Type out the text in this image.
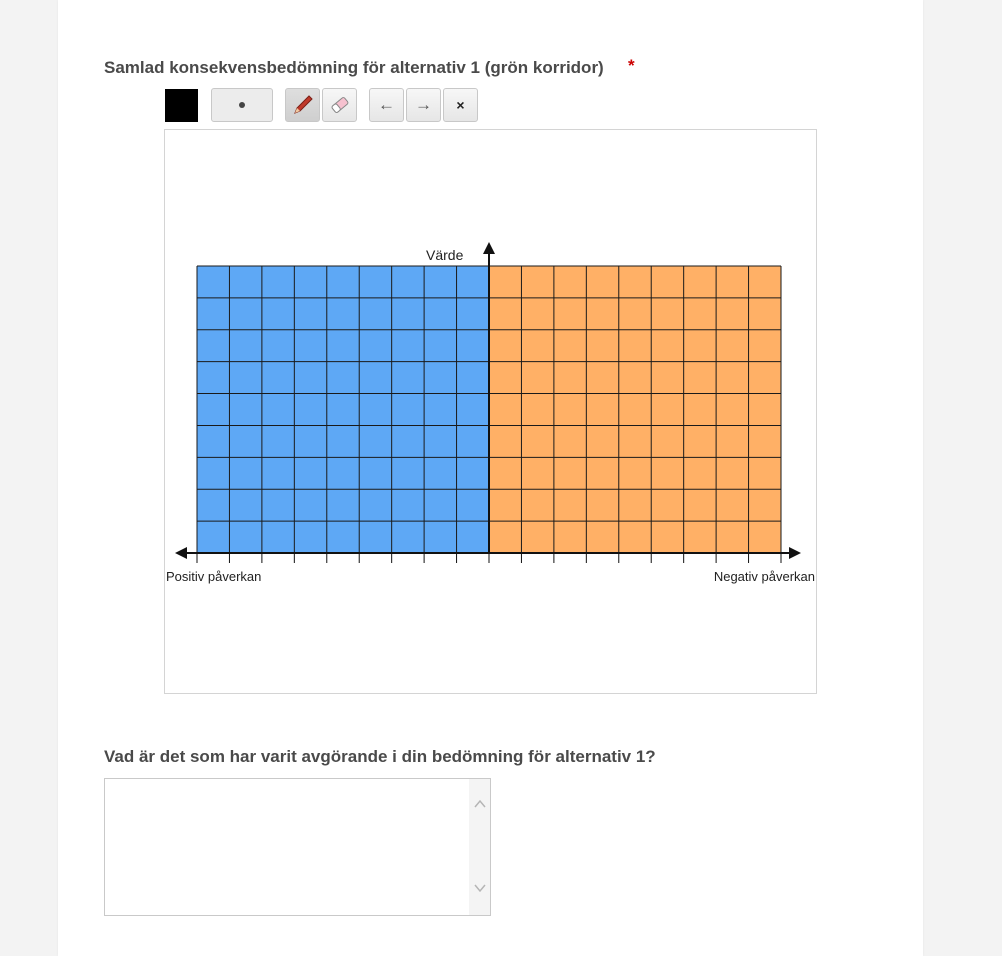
Samlad konsekvensbedömning för alternativ 1 (grön korridor) *
←	→	×
Värde
Positiv påverkan	Negativ påverkan
Vad är det som har varit avgörande i din bedömning för alternativ 1?
